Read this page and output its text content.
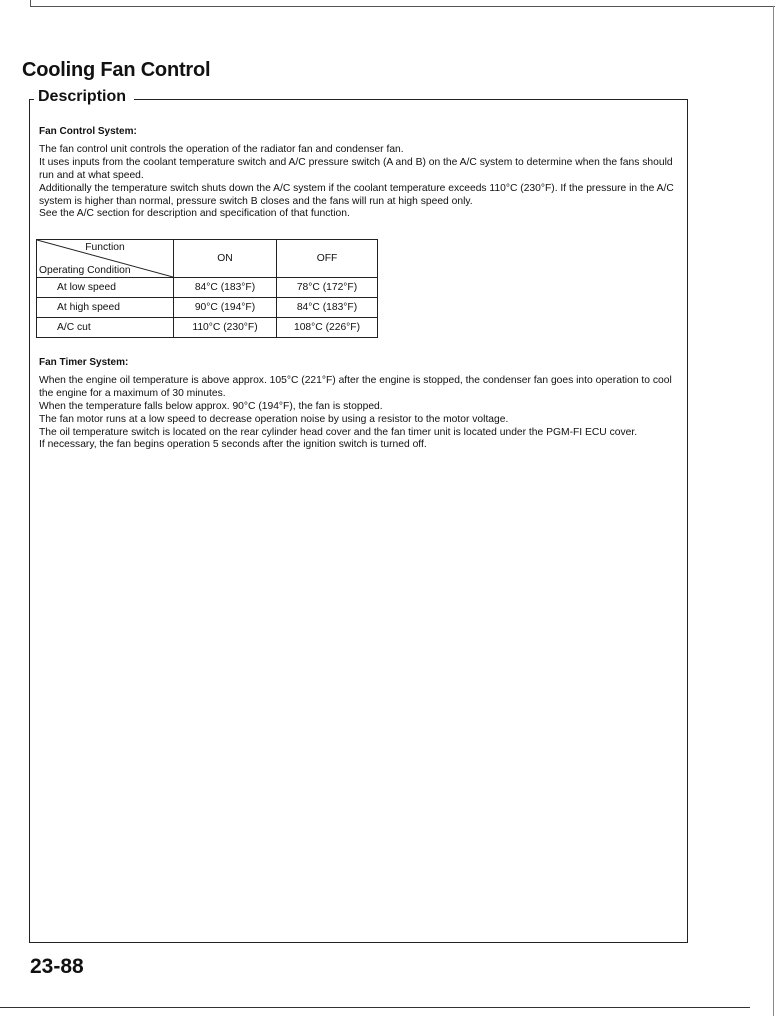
Cooling Fan Control
Description

Fan Control System:

The fan control unit controls the operation of the radiator fan and condenser fan.

It uses inputs from the coolant temperature switch and A/C pressure switch (A and B) on the A/C system to determine when the fans should run and at what speed.

Additionally the temperature switch shuts down the A/C system if the coolant temperature exceeds 110°C (230°F). If the pressure in the A/C system is higher than normal, pressure switch B closes and the fans will run at high speed only.

See the A/C section for description and specification of that function.

Function
Operating Condition	ON	OFF
At low speed	84°C (183°F)	78°C (172°F)
At high speed	90°C (194°F)	84°C (183°F)
A/C cut	110°C (230°F)	108°C (226°F)

Fan Timer System:

When the engine oil temperature is above approx. 105°C (221°F) after the engine is stopped, the condenser fan goes into operation to cool the engine for a maximum of 30 minutes.

When the temperature falls below approx. 90°C (194°F), the fan is stopped.

The fan motor runs at a low speed to decrease operation noise by using a resistor to the motor voltage.

The oil temperature switch is located on the rear cylinder head cover and the fan timer unit is located under the PGM-FI ECU cover.

If necessary, the fan begins operation 5 seconds after the ignition switch is turned off.

23-88
